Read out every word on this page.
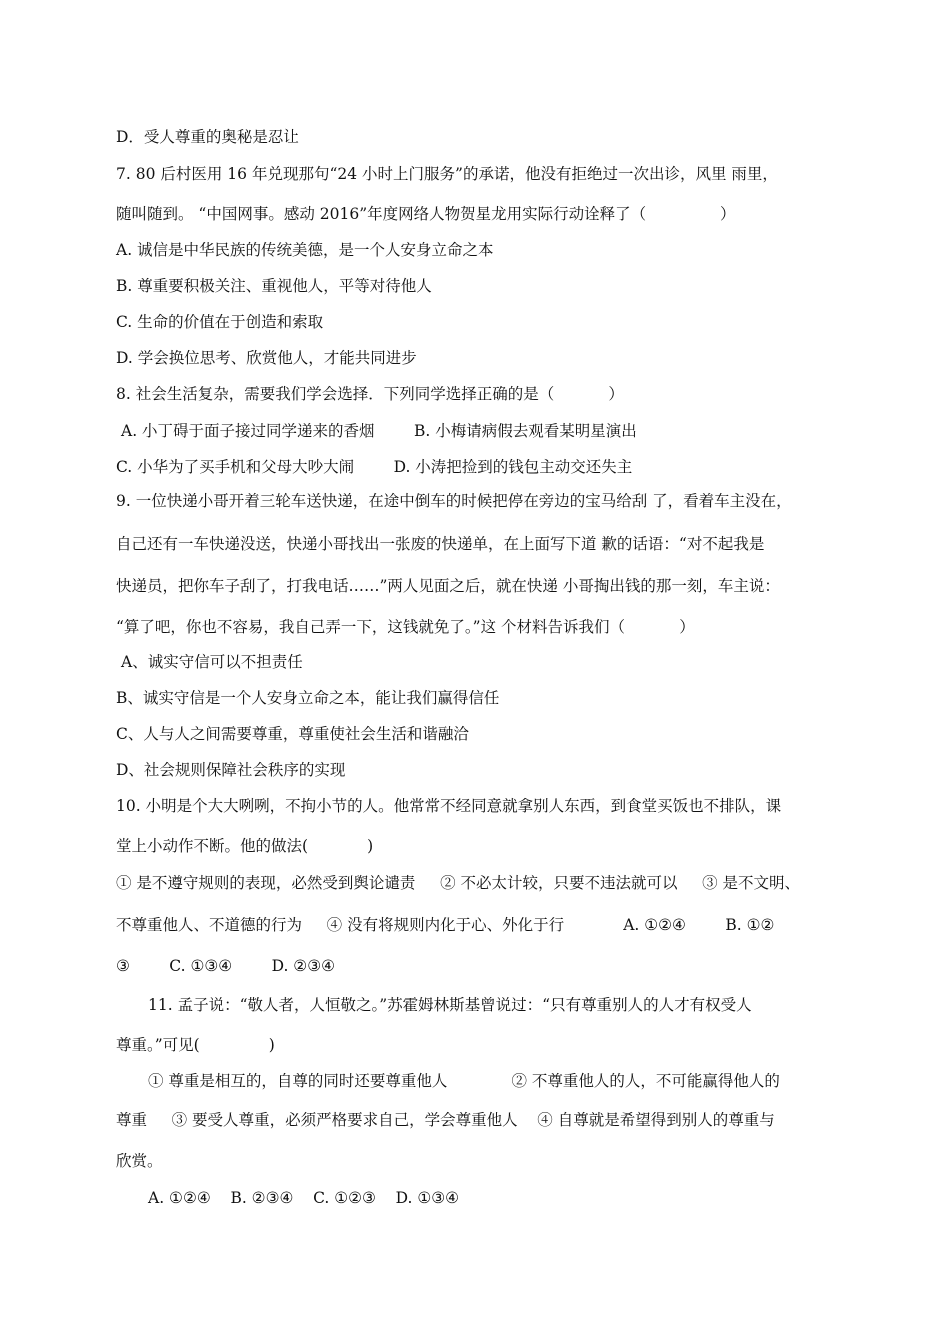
D．受人尊重的奥秘是忍让
7. 80 后村医用 16 年兑现那句“24 小时上门服务”的承诺，他没有拒绝过一次出诊，风里 雨里，
随叫随到。 “中国网事。感动 2016”年度网络人物贺星龙用实际行动诠释了（               ）
A. 诚信是中华民族的传统美德，是一个人安身立命之本
B. 尊重要积极关注、重视他人，平等对待他人
C. 生命的价值在于创造和索取
D. 学会换位思考、欣赏他人，才能共同进步
8. 社会生活复杂，需要我们学会选择．下列同学选择正确的是（           ）
A. 小丁碍于面子接过同学递来的香烟        B. 小梅请病假去观看某明星演出
C. 小华为了买手机和父母大吵大闹        D. 小涛把捡到的钱包主动交还失主
9. 一位快递小哥开着三轮车送快递，在途中倒车的时候把停在旁边的宝马给刮 了，看着车主没在，
自己还有一车快递没送，快递小哥找出一张废的快递单，在上面写下道 歉的话语：“对不起我是
快递员，把你车子刮了，打我电话……”两人见面之后，就在快递 小哥掏出钱的那一刻，车主说：
“算了吧，你也不容易，我自己弄一下，这钱就免了。”这 个材料告诉我们（           ）
A、诚实守信可以不担责任
B、诚实守信是一个人安身立命之本，能让我们赢得信任
C、人与人之间需要尊重，尊重使社会生活和谐融洽
D、社会规则保障社会秩序的实现
10. 小明是个大大咧咧，不拘小节的人。他常常不经同意就拿别人东西，到食堂买饭也不排队，课
堂上小动作不断。他的做法(            )
① 是不遵守规则的表现，必然受到舆论谴责     ② 不必太计较，只要不违法就可以     ③ 是不文明、
不尊重他人、不道德的行为     ④ 没有将规则内化于心、外化于行            A. ①②④        B. ①②
③        C. ①③④        D. ②③④
11. 孟子说：“敬人者，人恒敬之。”苏霍姆林斯基曾说过：“只有尊重别人的人才有权受人
尊重。”可见(              )
① 尊重是相互的，自尊的同时还要尊重他人             ② 不尊重他人的人，不可能赢得他人的
尊重     ③ 要受人尊重，必须严格要求自己，学会尊重他人    ④ 自尊就是希望得到别人的尊重与
欣赏。
A. ①②④    B. ②③④    C. ①②③    D. ①③④
